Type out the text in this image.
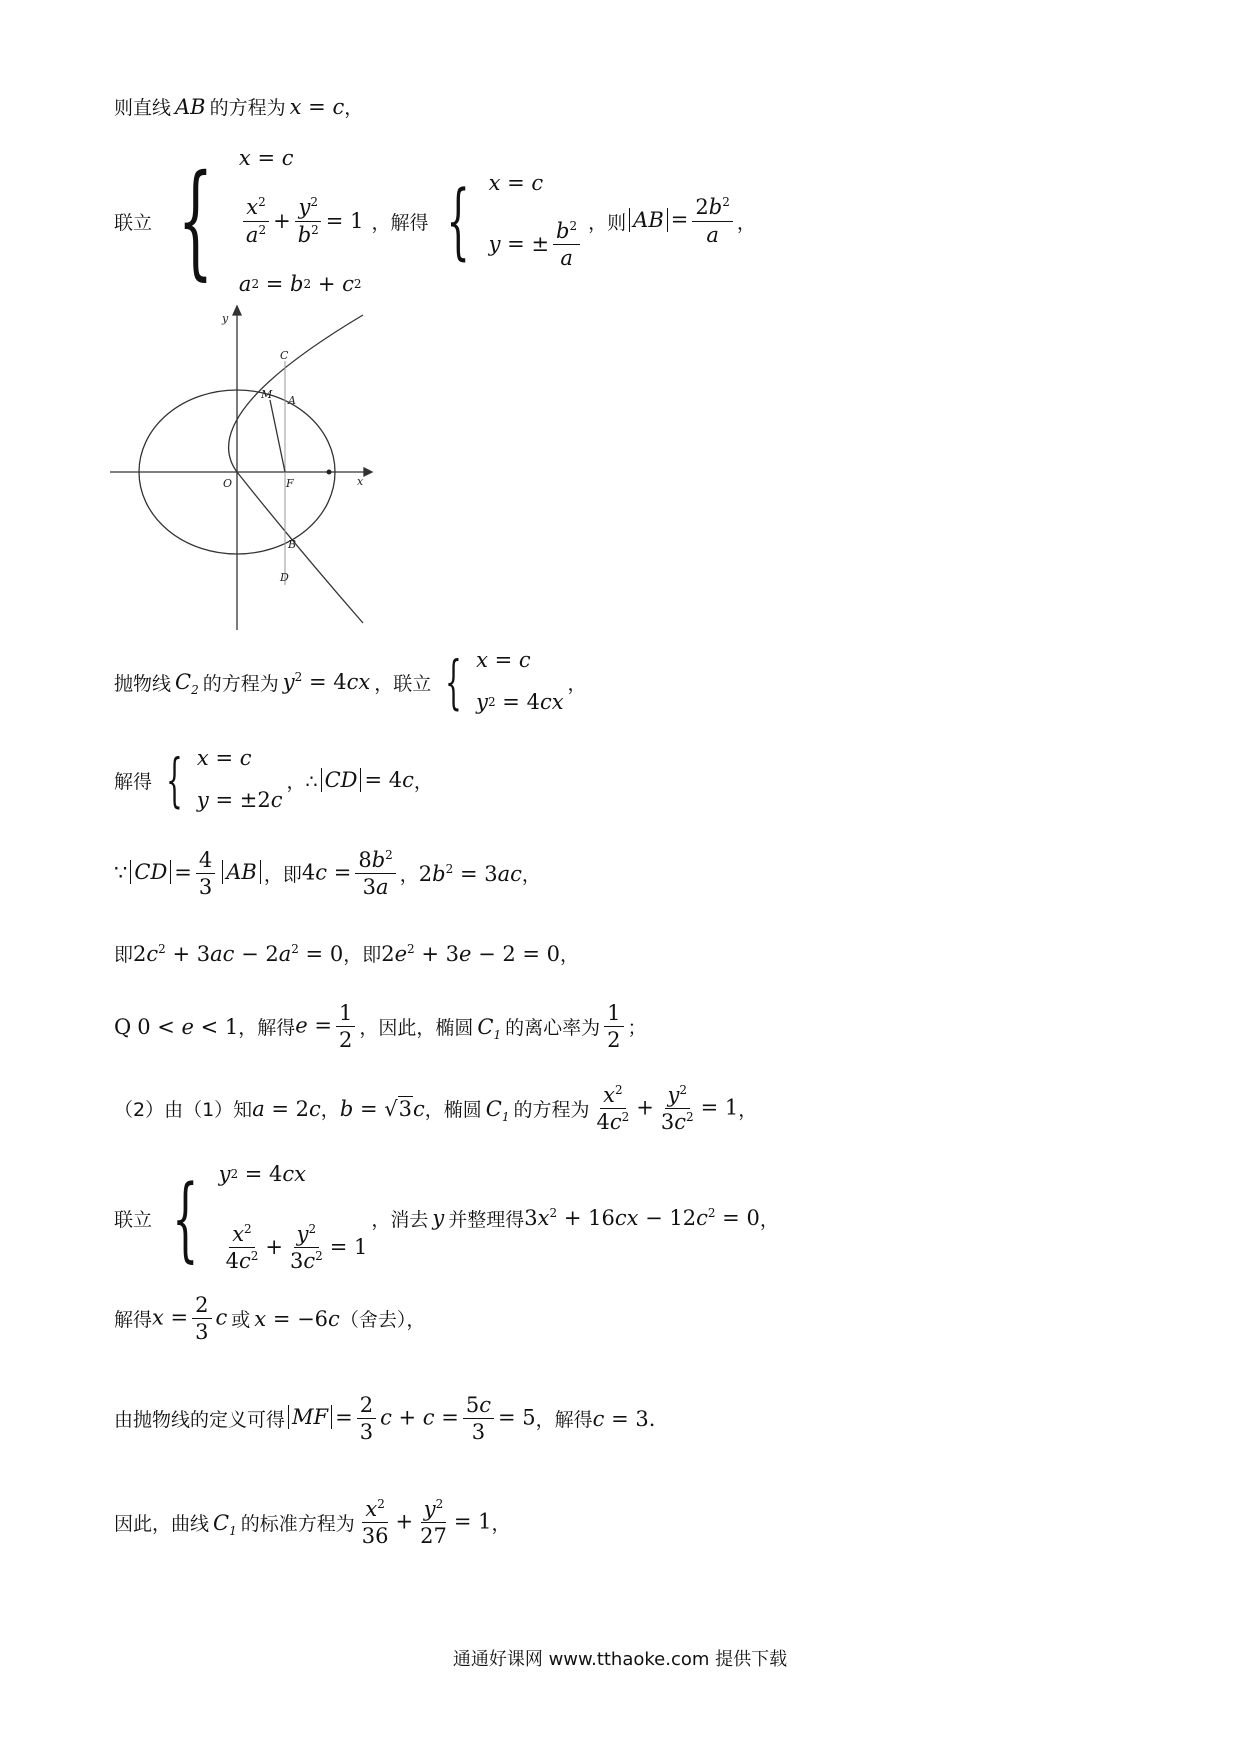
则直线 AB 的方程为 x = c ，
联立 { x = c
$\frac{x^2}{a^2} + \frac{y^2}{b^2} = 1$
a 2 = b 2 + c 2
，解得 { x = c
y = ± $\frac{b^2}{a}$ ，则 AB = $\frac{2b^2}{a}$ ，
y
x
O	F
M A
C
B
D
抛物线 $C_2$ 的方程为 $y^2 = 4cx$ ，联立 { x = c
y 2 = 4 cx
，
解得 { x = c
y = ±2 c
，∴ CD = 4c ，
∵ CD = $\frac{4}{3}$ AB ，即 $4c = \frac{8b^2}{3a}$ ， $2b^2 = 3ac$ ，
即 $2c^2 + 3ac - 2a^2 = 0$ ，即 $2e^2 + 3e - 2 = 0$ ，
Q 0 < e < 1 ，解得 $e = \frac{1}{2}$ ，因此，椭圆 $C_1$ 的离心率为 $\frac{1}{2}$ ；
（2）由（1）知 a = 2c ， b = √3c ，椭圆 $C_1$ 的方程为 $\frac{x^2}{4c^2} + \frac{y^2}{3c^2} = 1$ ，
联立 { y 2 = 4 cx
$\frac{x^2}{4c^2} + \frac{y^2}{3c^2} = 1$
，消去 y 并整理得 $3x^2 + 16cx - 12c^2 = 0$ ，
解得 $x = \frac{2}{3}$ c 或 x = −6c （舍去），
由抛物线的定义可得 MF = $\frac{2}{3}$ $c + c = \frac{5c}{3} = 5$ ，解得 c = 3 .
因此，曲线 $C_1$ 的标准方程为 $\frac{x^2}{36} + \frac{y^2}{27} = 1$ ，
通通好课网 www.tthaoke.com 提供下载
